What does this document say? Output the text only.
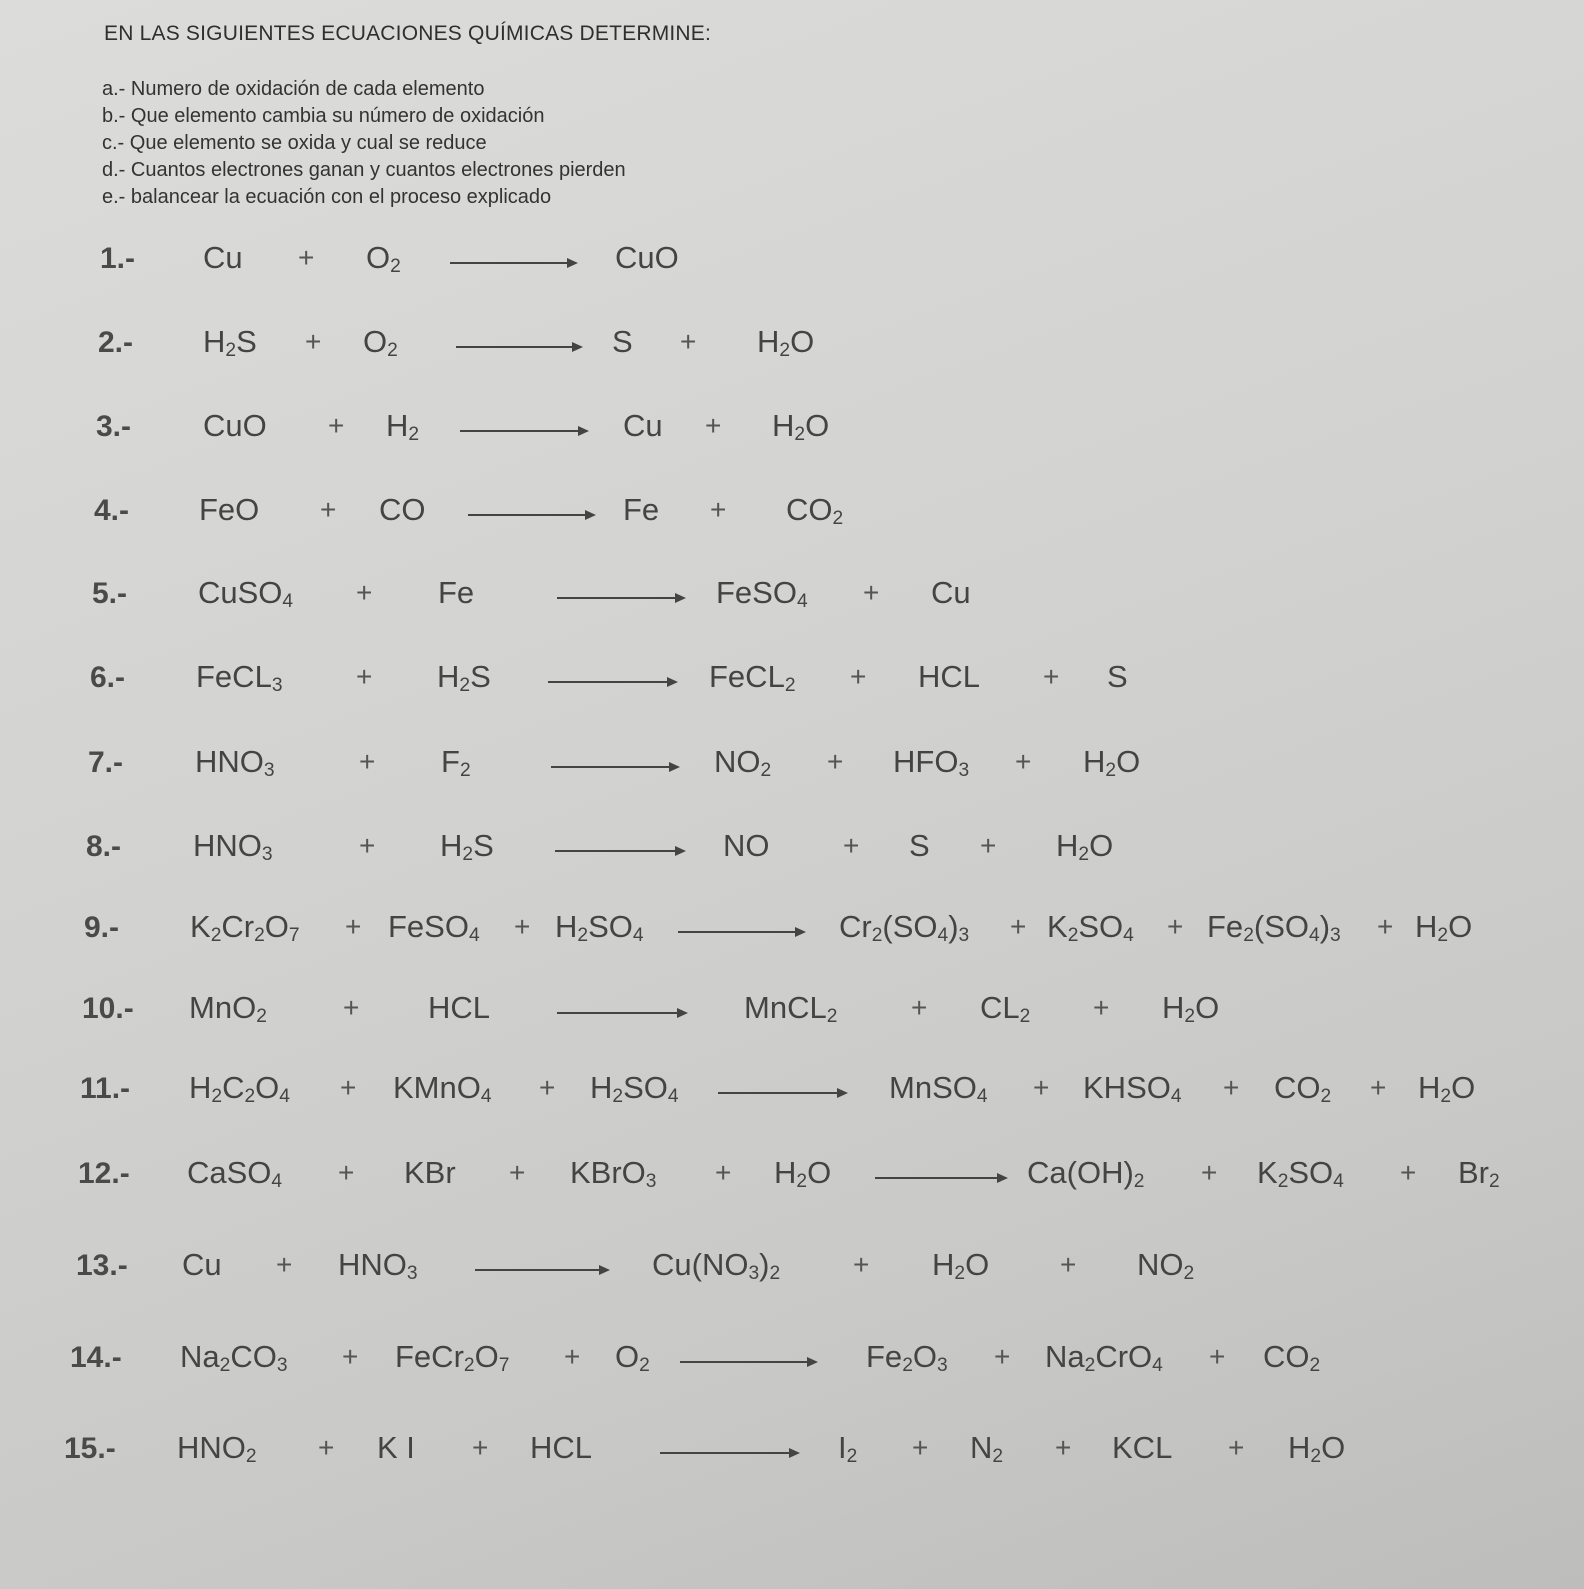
EN LAS SIGUIENTES ECUACIONES QUÍMICAS DETERMINE:
a.- Numero de oxidación de cada elemento
b.- Que elemento cambia su número de oxidación
c.- Que elemento se oxida y cual se reduce
d.- Cuantos electrones ganan y cuantos electrones pierden
e.- balancear la ecuación con el proceso explicado
1.- Cu	$O_2$	CuO
+
2.- $H_2S$	$O_2$	S	$H_2O$
+	+
3.- CuO	$H_2$	Cu	$H_2O$
+	+
4.- FeO	CO	Fe	$CO_2$
+	+
5.- CuSO$_4$	Fe	FeSO$_4$	Cu
+	+
6.- FeCL$_3$	$H_2S$	FeCL$_2$	HCL	S
+	+	+
7.- $HNO_3$	$F_2$	$NO_2$	$HFO_3$	$H_2O$
+	+	+
8.- $HNO_3$	$H_2S$	NO	S	$H_2O$
+	+	+
9.- $K_2Cr_2O_7$	FeSO$_4$ $H_2SO_4$	$Cr_2(SO_4)_3$	$K_2SO_4$ $Fe_2(SO_4)_3$ $H_2O$
+	+	+	+	+
10.- MnO$_2$	HCL	MnCL$_2$	$CL_2$	$H_2O$
+	+	+
11.- $H_2C_2O_4$	KMnO$_4$	$H_2SO_4$	MnSO$_4$	$KHSO_4$	$CO_2$	$H_2O$
+	+	+	+	+
12.- CaSO$_4$	KBr	KBrO$_3$	$H_2O$	$Ca(OH)_2$	$K_2SO_4$	$Br_2$
+	+	+	+	+
13.- Cu	$HNO_3$	$Cu(NO_3)_2$	$H_2O$	$NO_2$
+	+	+
14.- $Na_2CO_3$	$FeCr_2O_7$	$O_2$	$Fe_2O_3$	$Na_2CrO_4$	$CO_2$
+	+	+	+
15.- $HNO_2$	K I	HCL	$I_2$	$N_2$	KCL	$H_2O$
+	+	+	+	+
